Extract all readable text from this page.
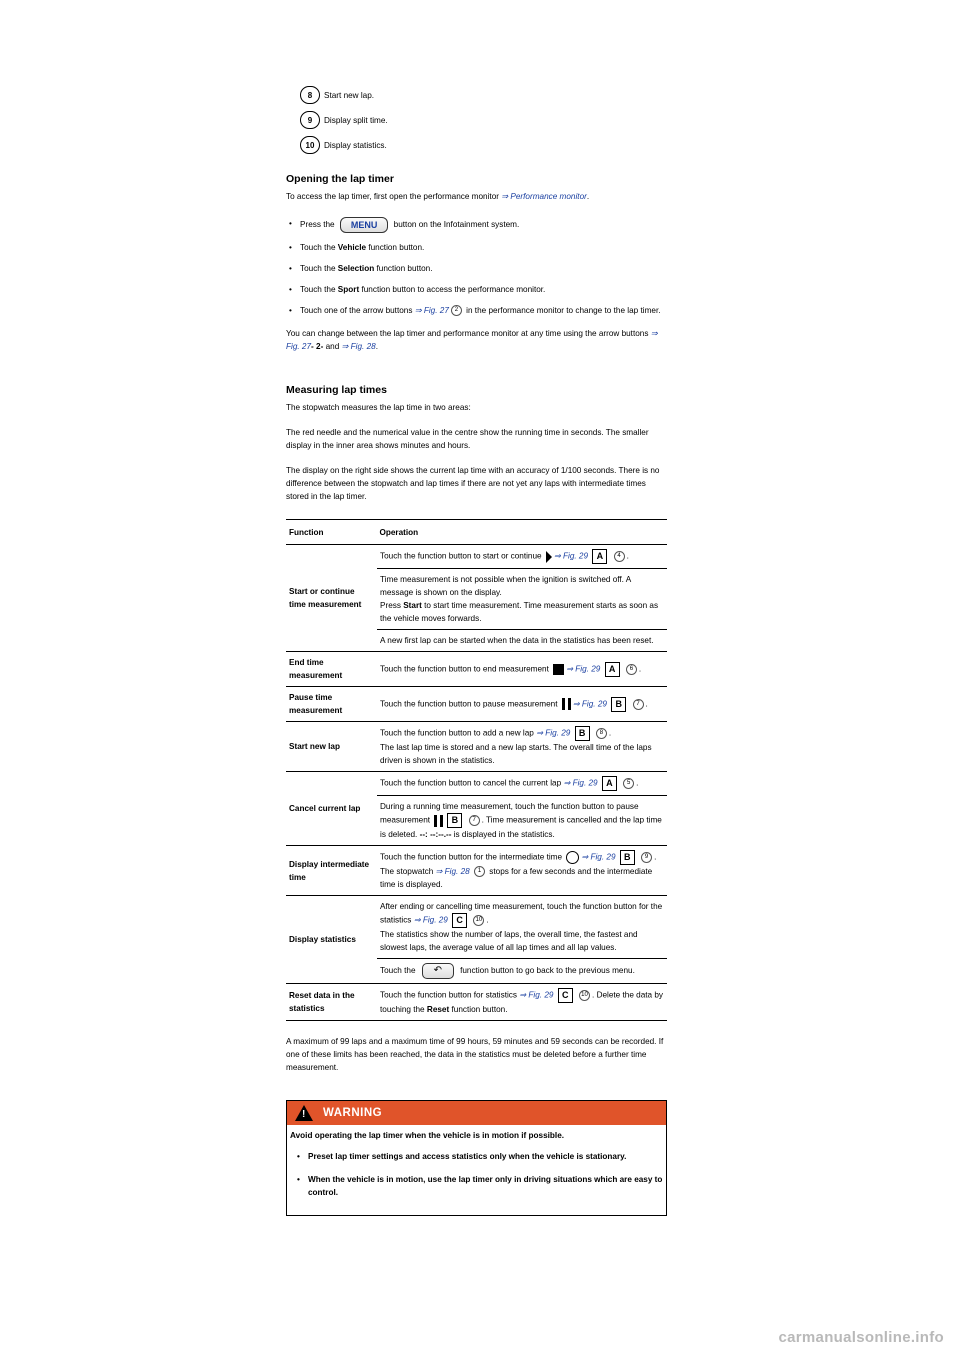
8	Start new lap.
9	Display split time.
10	Display statistics.
Opening the lap timer

To access the lap timer, first open the performance monitor ⇒ Performance monitor.

• Press the MENU button on the Infotainment system.
• Touch the Vehicle function button.
• Touch the Selection function button.
• Touch the Sport function button to access the performance monitor.
• Touch one of the arrow buttons ⇒ Fig. 27 2 in the performance monitor to change to the lap timer.

You can change between the lap timer and performance monitor at any time using the arrow buttons ⇒ Fig. 27- 2- and ⇒ Fig. 28.

Measuring lap times

The stopwatch measures the lap time in two areas:

The red needle and the numerical value in the centre show the running time in seconds. The smaller display in the inner area shows minutes and hours.

The display on the right side shows the current lap time with an accuracy of 1/100 seconds. There is no difference between the stopwatch and lap times if there are not yet any laps with intermediate times stored in the lap timer.

Function	Operation
Start or continue time measurement	Touch the function button to start or continue ⇒ Fig. 29 A 4 .
	Time measurement is not possible when the ignition is switched off. A message is shown on the display.
Press Start to start time measurement. Time measurement starts as soon as the vehicle moves forwards.
	A new first lap can be started when the data in the statistics has been reset.
End time measurement	Touch the function button to end measurement ⇒ Fig. 29 A 6 .
Pause time measurement	Touch the function button to pause measurement ⇒ Fig. 29 B 7 .
Start new lap	Touch the function button to add a new lap ⇒ Fig. 29 B 8 .
The last lap time is stored and a new lap starts. The overall time of the laps driven is shown in the statistics.
Cancel current lap	Touch the function button to cancel the current lap ⇒ Fig. 29 A 5 .
	During a running time measurement, touch the function button to pause measurement B 7 . Time measurement is cancelled and the lap time is deleted. --: --:--.-- is displayed in the statistics.
Display intermediate time	Touch the function button for the intermediate time ⇒ Fig. 29 B 9 .
The stopwatch ⇒ Fig. 28 1 stops for a few seconds and the intermediate time is displayed.
Display statistics	After ending or cancelling time measurement, touch the function button for the statistics ⇒ Fig. 29 C 10 .
The statistics show the number of laps, the overall time, the fastest and slowest laps, the average value of all lap times and all lap values.
	Touch the ↶ function button to go back to the previous menu.
Reset data in the statistics	Touch the function button for statistics ⇒ Fig. 29 C 10 . Delete the data by touching the Reset function button.

A maximum of 99 laps and a maximum time of 99 hours, 59 minutes and 59 seconds can be recorded. If one of these limits has been reached, the data in the statistics must be deleted before a further time measurement.

! WARNING
Avoid operating the lap timer when the vehicle is in motion if possible.
• Preset lap timer settings and access statistics only when the vehicle is stationary.
• When the vehicle is in motion, use the lap timer only in driving situations which are easy to control.
carmanualsonline.info
